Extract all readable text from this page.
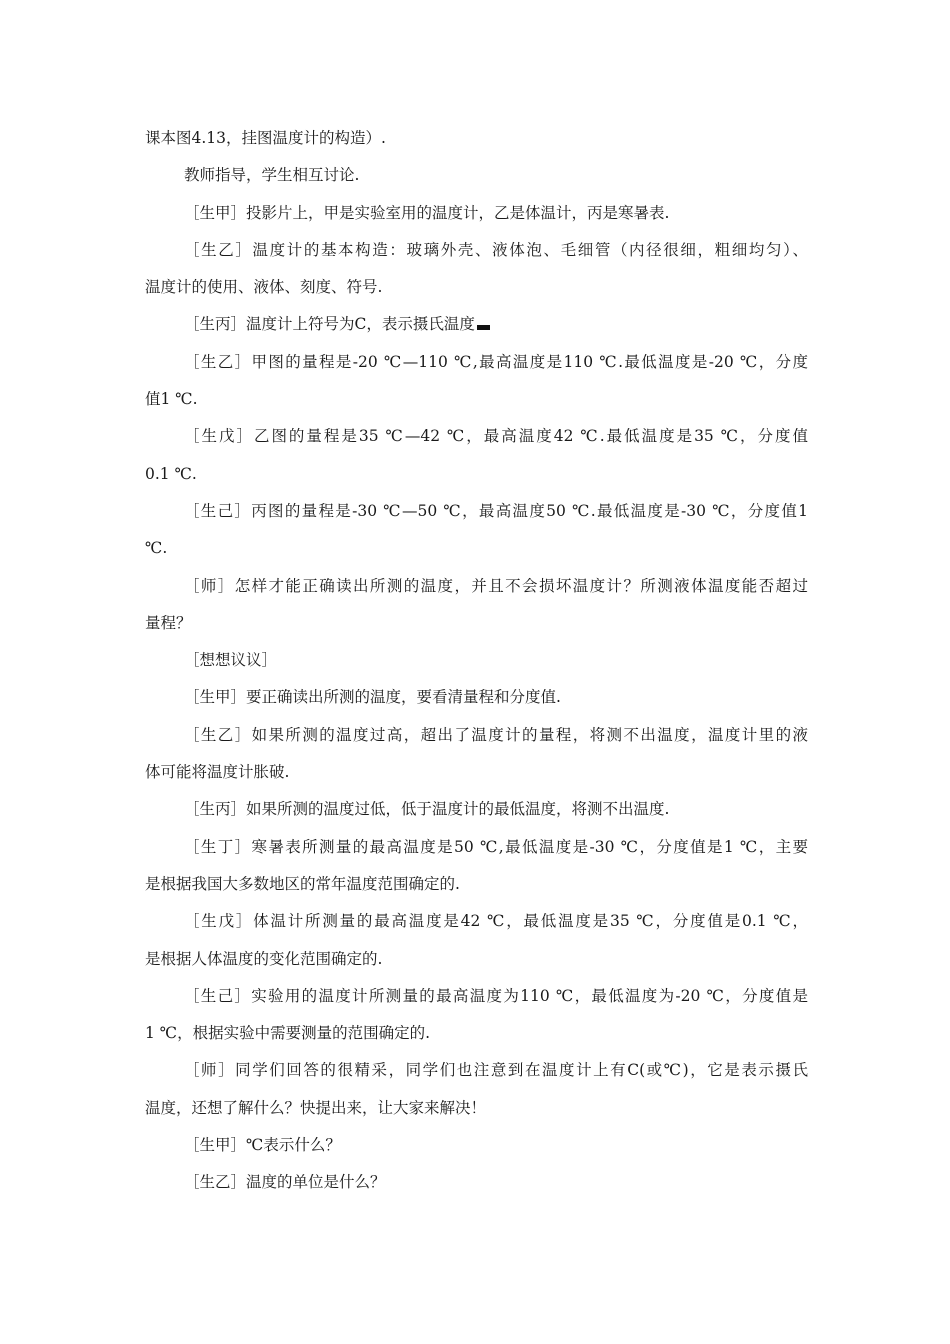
课本图4.13，挂图温度计的构造）.
教师指导，学生相互讨论.
［生甲］投影片上，甲是实验室用的温度计，乙是体温计，丙是寒暑表.
［生乙］温度计的基本构造：玻璃外壳、液体泡、毛细管（内径很细，粗细均匀）、
温度计的使用、液体、刻度、符号.
［生丙］温度计上符号为C，表示摄氏温度
［生乙］甲图的量程是-20 ℃—110 ℃,最高温度是110 ℃.最低温度是-20 ℃，分度
值1 ℃.
［生戊］乙图的量程是35 ℃—42 ℃，最高温度42 ℃.最低温度是35 ℃，分度值
0.1 ℃.
［生己］丙图的量程是-30 ℃—50 ℃，最高温度50 ℃.最低温度是-30 ℃，分度值1
℃.
［师］怎样才能正确读出所测的温度，并且不会损坏温度计？所测液体温度能否超过
量程？
［想想议议］
［生甲］要正确读出所测的温度，要看清量程和分度值.
［生乙］如果所测的温度过高，超出了温度计的量程，将测不出温度，温度计里的液
体可能将温度计胀破.
［生丙］如果所测的温度过低，低于温度计的最低温度，将测不出温度.
［生丁］寒暑表所测量的最高温度是50 ℃,最低温度是-30 ℃，分度值是1 ℃，主要
是根据我国大多数地区的常年温度范围确定的.
［生戊］体温计所测量的最高温度是42 ℃，最低温度是35 ℃，分度值是0.1 ℃，
是根据人体温度的变化范围确定的.
［生己］实验用的温度计所测量的最高温度为110 ℃，最低温度为-20 ℃，分度值是
1 ℃，根据实验中需要测量的范围确定的.
［师］同学们回答的很精采，同学们也注意到在温度计上有C(或℃)，它是表示摄氏
温度，还想了解什么？快提出来，让大家来解决！
［生甲］℃表示什么？
［生乙］温度的单位是什么？
